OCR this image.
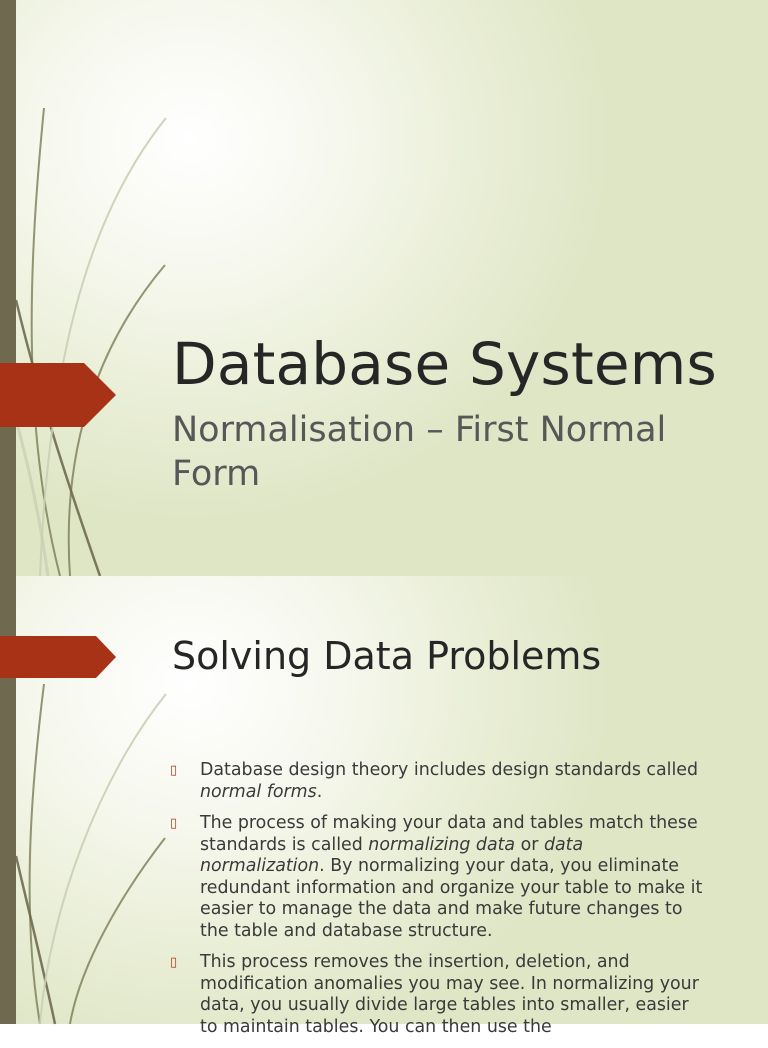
Database Systems
Normalisation – First Normal Form
Solving Data Problems
▯ Database design theory includes design standards called normal forms.
▯ The process of making your data and tables match these standards is called normalizing data or data normalization. By normalizing your data, you eliminate redundant information and organize your table to make it easier to manage the data and make future changes to the table and database structure.
▯ This process removes the insertion, deletion, and modification anomalies you may see. In normalizing your data, you usually divide large tables into smaller, easier to maintain tables. You can then use the
